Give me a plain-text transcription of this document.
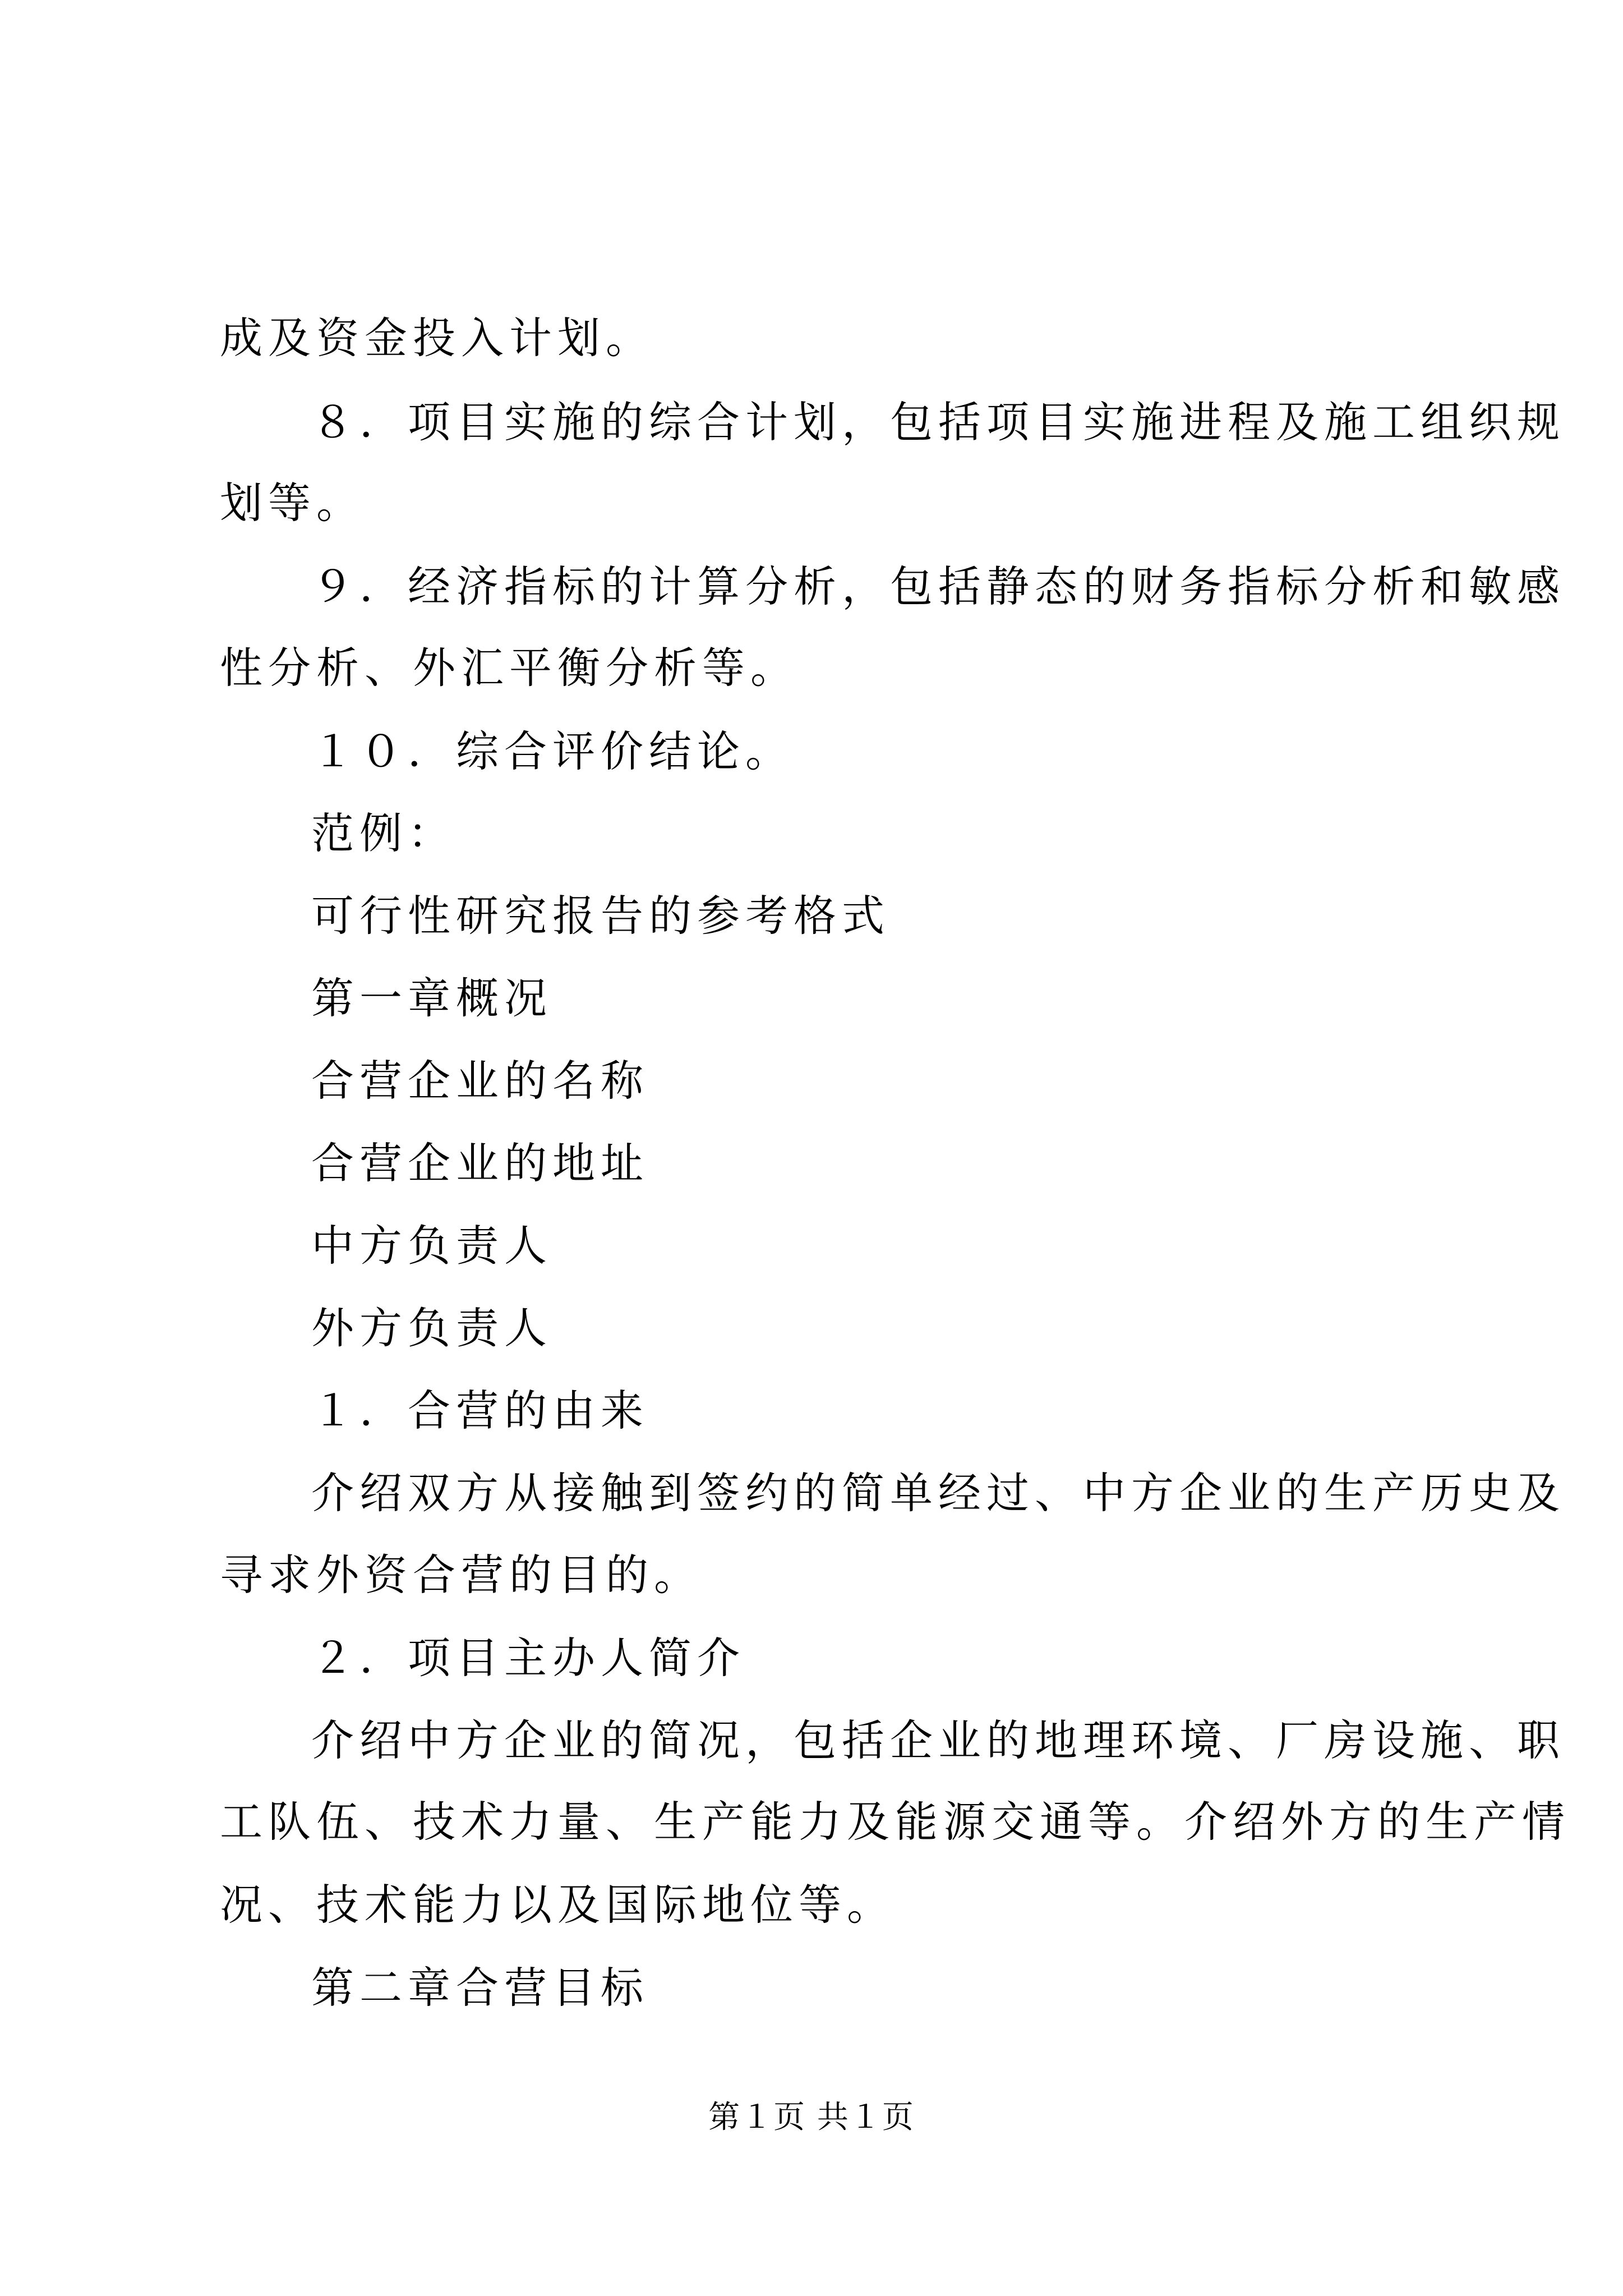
成及资金投入计划。
８．项目实施的综合计划，包括项目实施进程及施工组织规
划等。
９．经济指标的计算分析，包括静态的财务指标分析和敏感
性分析、外汇平衡分析等。
１０．综合评价结论。
范例：
可行性研究报告的参考格式
第一章概况
合营企业的名称
合营企业的地址
中方负责人
外方负责人
１．合营的由来
介绍双方从接触到签约的简单经过、中方企业的生产历史及
寻求外资合营的目的。
２．项目主办人简介
介绍中方企业的简况，包括企业的地理环境、厂房设施、职
工队伍、技术力量、生产能力及能源交通等。介绍外方的生产情
况、技术能力以及国际地位等。
第二章合营目标
第１页 共１页
